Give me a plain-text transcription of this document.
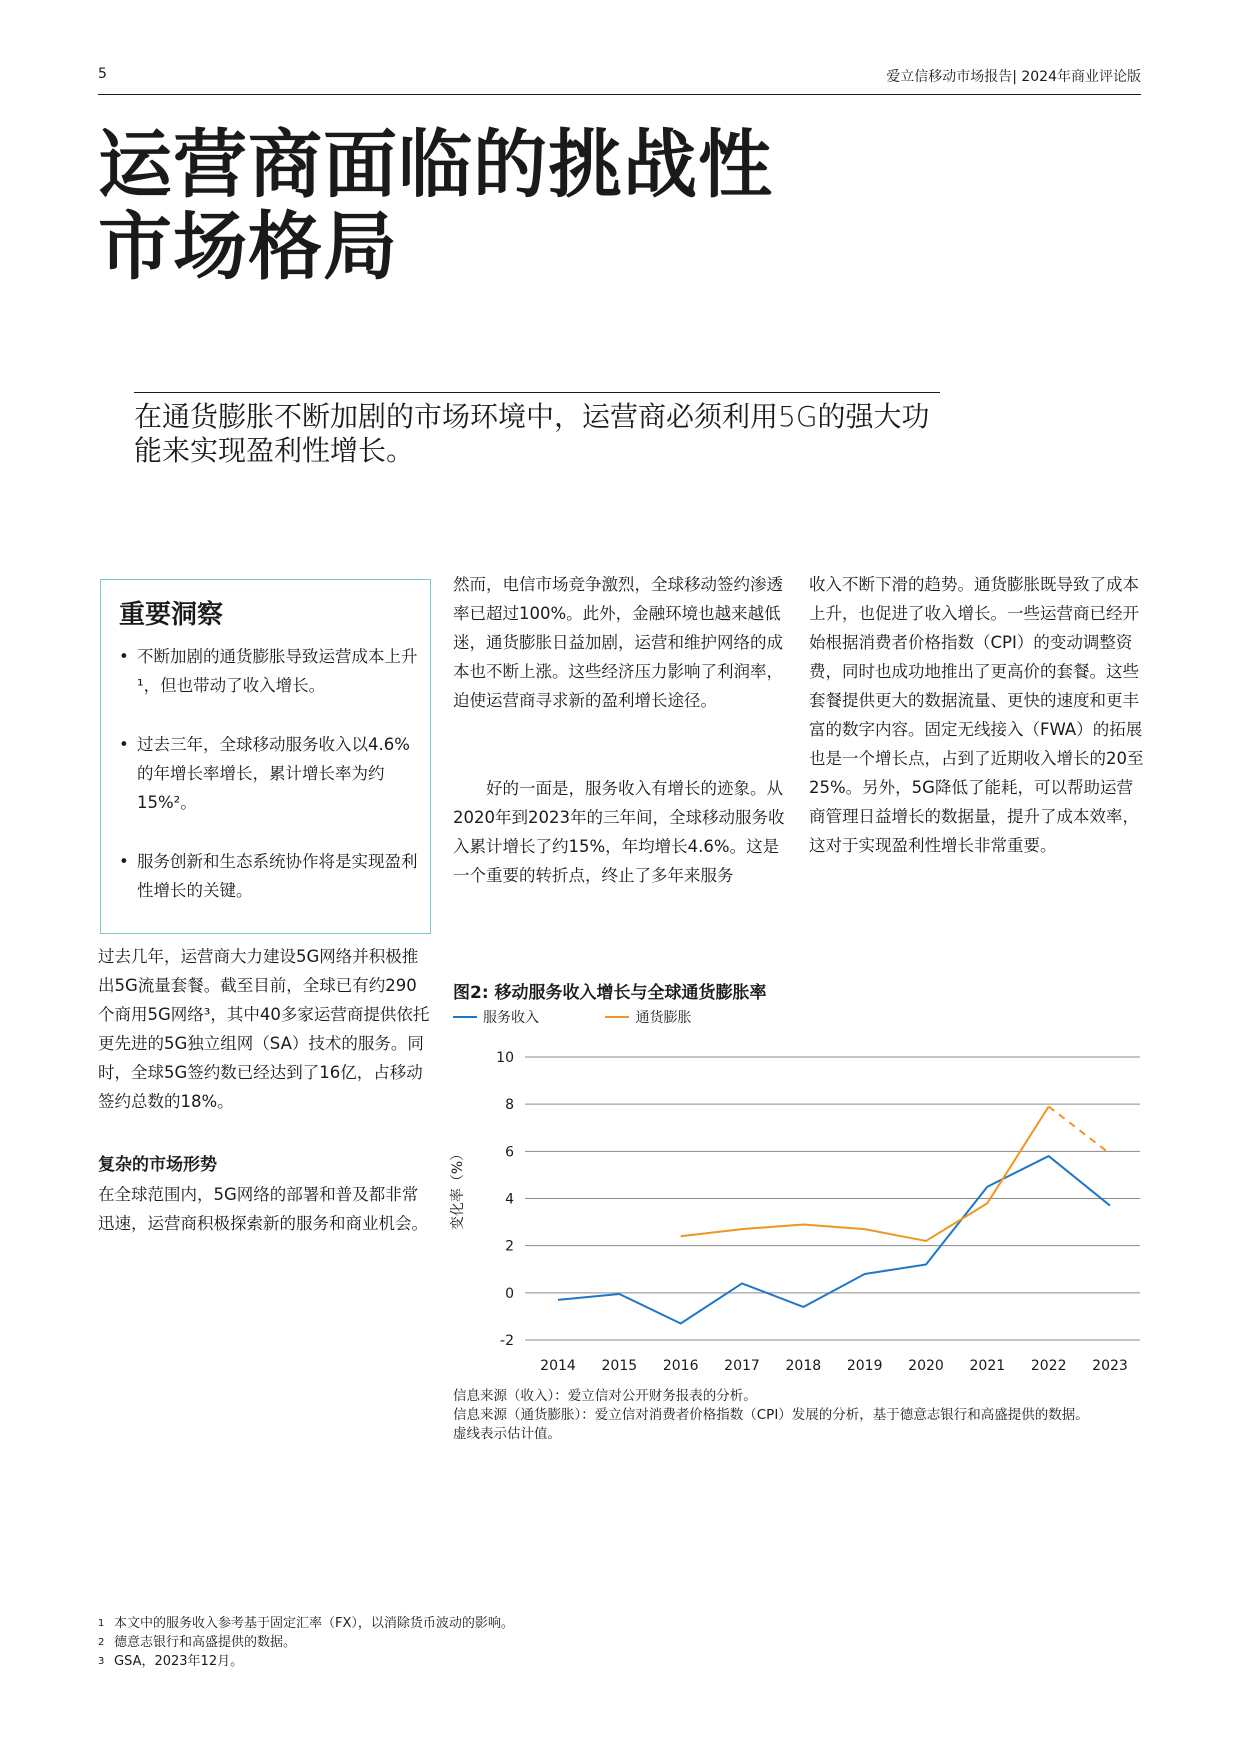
5	爱立信移动市场报告| 2024年商业评论版
运营商面临的挑战性
市场格局
在通货膨胀不断加剧的市场环境中，运营商必须利用5G的强大功能来实现盈利性增长。
重要洞察
• 不断加剧的通货膨胀导致运营成本上升¹，但也带动了收入增长。
• 过去三年，全球移动服务收入以4.6%的年增长率增长，累计增长率为约15%²。
• 服务创新和生态系统协作将是实现盈利性增长的关键。
过去几年，运营商大力建设5G网络并积极推出5G流量套餐。截至目前，全球已有约290个商用5G网络³，其中40多家运营商提供依托更先进的5G独立组网（SA）技术的服务。同时，全球5G签约数已经达到了16亿，占移动签约总数的18%。
复杂的市场形势
在全球范围内，5G网络的部署和普及都非常迅速，运营商积极探索新的服务和商业机会。
然而，电信市场竞争激烈，全球移动签约渗透率已超过100%。此外，金融环境也越来越低迷，通货膨胀日益加剧，运营和维护网络的成本也不断上涨。这些经济压力影响了利润率，迫使运营商寻求新的盈利增长途径。
好的一面是，服务收入有增长的迹象。从2020年到2023年的三年间，全球移动服务收入累计增长了约15%，年均增长4.6%。这是一个重要的转折点，终止了多年来服务
收入不断下滑的趋势。通货膨胀既导致了成本上升，也促进了收入增长。一些运营商已经开始根据消费者价格指数（CPI）的变动调整资费，同时也成功地推出了更高价的套餐。这些套餐提供更大的数据流量、更快的速度和更丰富的数字内容。固定无线接入（FWA）的拓展也是一个增长点，占到了近期收入增长的20至25%。另外，5G降低了能耗，可以帮助运营商管理日益增长的数据量，提升了成本效率，这对于实现盈利性增长非常重要。
图2: 移动服务收入增长与全球通货膨胀率
服务收入
	通货膨胀
10
8
6
4
2
0
-2
2014 2015 2016 2017 2018 2019 2020 2021 2022 2023
变化率（%）
信息来源（收入）：爱立信对公开财务报表的分析。
信息来源（通货膨胀）：爱立信对消费者价格指数（CPI）发展的分析，基于德意志银行和高盛提供的数据。
虚线表示估计值。
1 本文中的服务收入参考基于固定汇率（FX），以消除货币波动的影响。
2 德意志银行和高盛提供的数据。
3 GSA，2023年12月。
